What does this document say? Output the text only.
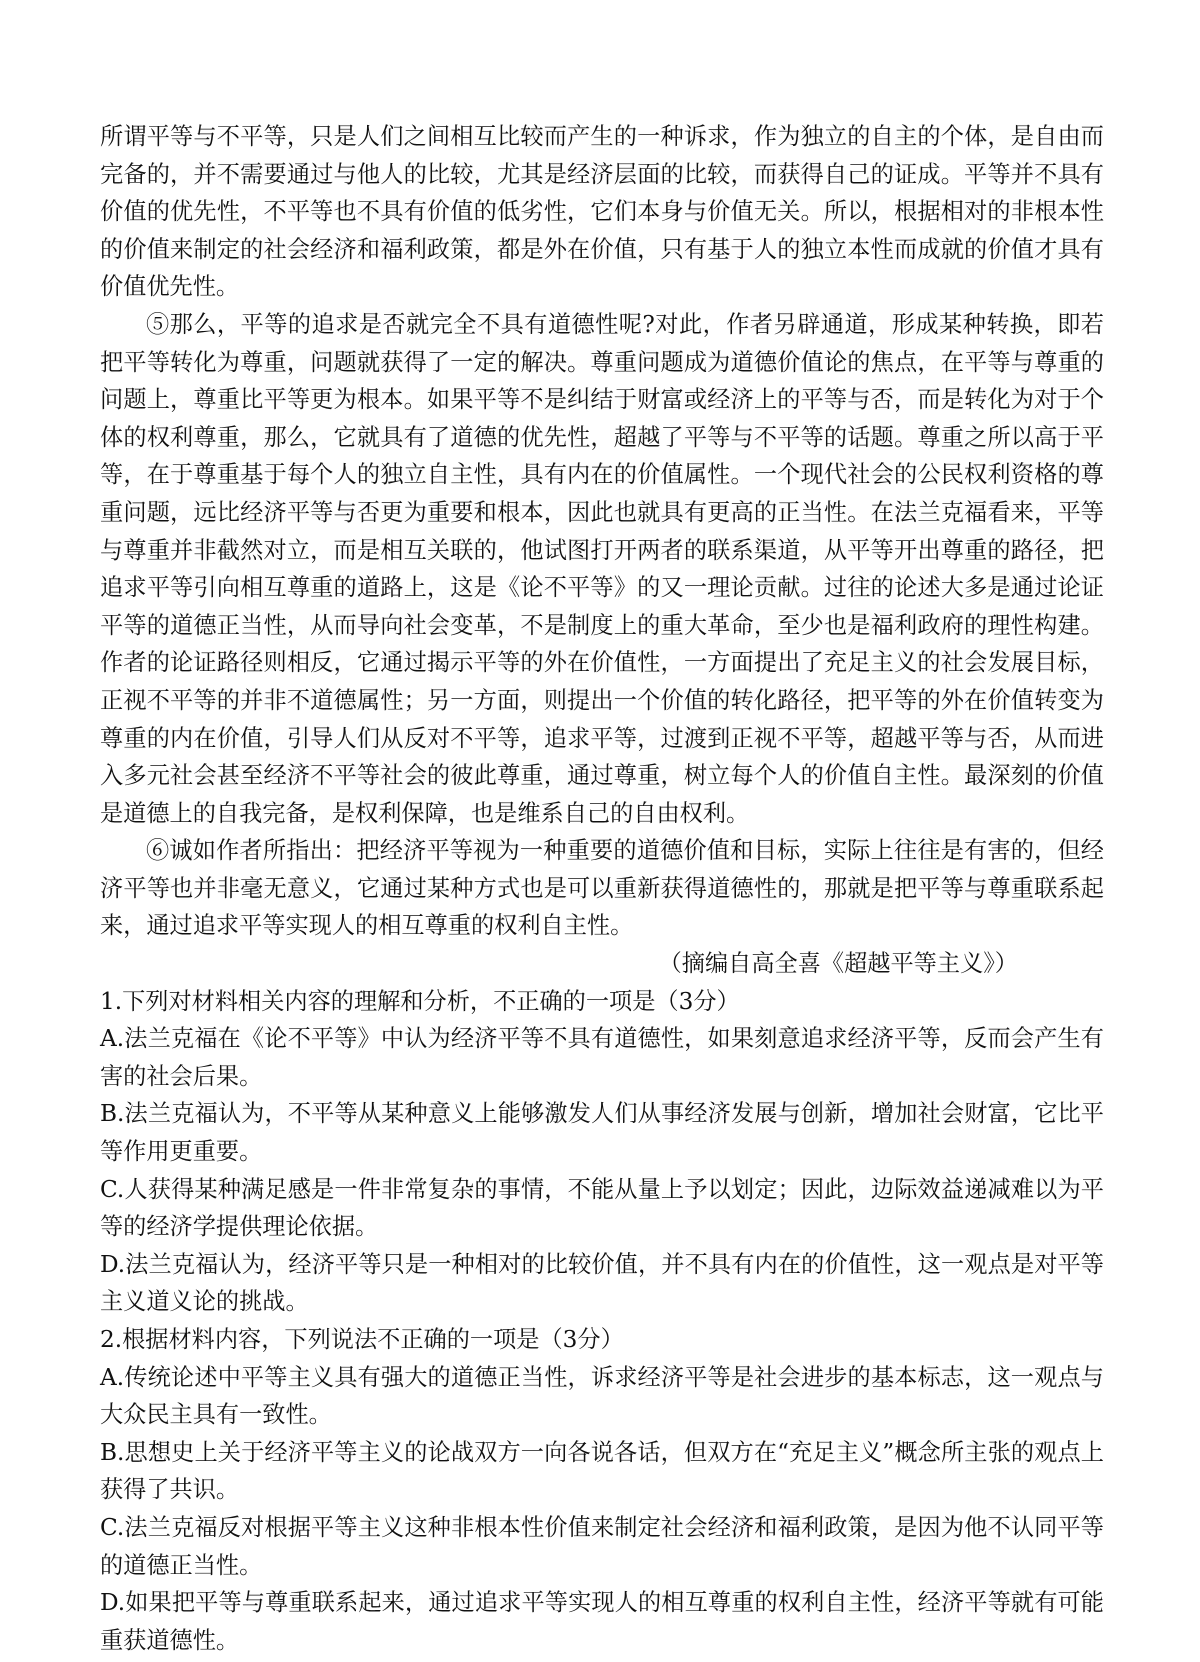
所谓平等与不平等，只是人们之间相互比较而产生的一种诉求，作为独立的自主的个体，是自由而完备的，并不需要通过与他人的比较，尤其是经济层面的比较，而获得自己的证成。平等并不具有价值的优先性，不平等也不具有价值的低劣性，它们本身与价值无关。所以，根据相对的非根本性的价值来制定的社会经济和福利政策，都是外在价值，只有基于人的独立本性而成就的价值才具有价值优先性。

⑤那么，平等的追求是否就完全不具有道德性呢?对此，作者另辟通道，形成某种转换，即若把平等转化为尊重，问题就获得了一定的解决。尊重问题成为道德价值论的焦点，在平等与尊重的问题上，尊重比平等更为根本。如果平等不是纠结于财富或经济上的平等与否，而是转化为对于个体的权利尊重，那么，它就具有了道德的优先性，超越了平等与不平等的话题。尊重之所以高于平等，在于尊重基于每个人的独立自主性，具有内在的价值属性。一个现代社会的公民权利资格的尊重问题，远比经济平等与否更为重要和根本，因此也就具有更高的正当性。在法兰克福看来，平等与尊重并非截然对立，而是相互关联的，他试图打开两者的联系渠道，从平等开出尊重的路径，把追求平等引向相互尊重的道路上，这是《论不平等》的又一理论贡献。过往的论述大多是通过论证平等的道德正当性，从而导向社会变革，不是制度上的重大革命，至少也是福利政府的理性构建。作者的论证路径则相反，它通过揭示平等的外在价值性，一方面提出了充足主义的社会发展目标，正视不平等的并非不道德属性；另一方面，则提出一个价值的转化路径，把平等的外在价值转变为尊重的内在价值，引导人们从反对不平等，追求平等，过渡到正视不平等，超越平等与否，从而进入多元社会甚至经济不平等社会的彼此尊重，通过尊重，树立每个人的价值自主性。最深刻的价值是道德上的自我完备，是权利保障，也是维系自己的自由权利。

⑥诚如作者所指出：把经济平等视为一种重要的道德价值和目标，实际上往往是有害的，但经济平等也并非毫无意义，它通过某种方式也是可以重新获得道德性的，那就是把平等与尊重联系起来，通过追求平等实现人的相互尊重的权利自主性。

（摘编自高全喜《超越平等主义》）

1.下列对材料相关内容的理解和分析，不正确的一项是（3分）

A.法兰克福在《论不平等》中认为经济平等不具有道德性，如果刻意追求经济平等，反而会产生有害的社会后果。

B.法兰克福认为，不平等从某种意义上能够激发人们从事经济发展与创新，增加社会财富，它比平等作用更重要。

C.人获得某种满足感是一件非常复杂的事情，不能从量上予以划定；因此，边际效益递减难以为平等的经济学提供理论依据。

D.法兰克福认为，经济平等只是一种相对的比较价值，并不具有内在的价值性，这一观点是对平等主义道义论的挑战。

2.根据材料内容，下列说法不正确的一项是（3分）

A.传统论述中平等主义具有强大的道德正当性，诉求经济平等是社会进步的基本标志，这一观点与大众民主具有一致性。

B.思想史上关于经济平等主义的论战双方一向各说各话，但双方在“充足主义”概念所主张的观点上获得了共识。

C.法兰克福反对根据平等主义这种非根本性价值来制定社会经济和福利政策，是因为他不认同平等的道德正当性。

D.如果把平等与尊重联系起来，通过追求平等实现人的相互尊重的权利自主性，经济平等就有可能重获道德性。
